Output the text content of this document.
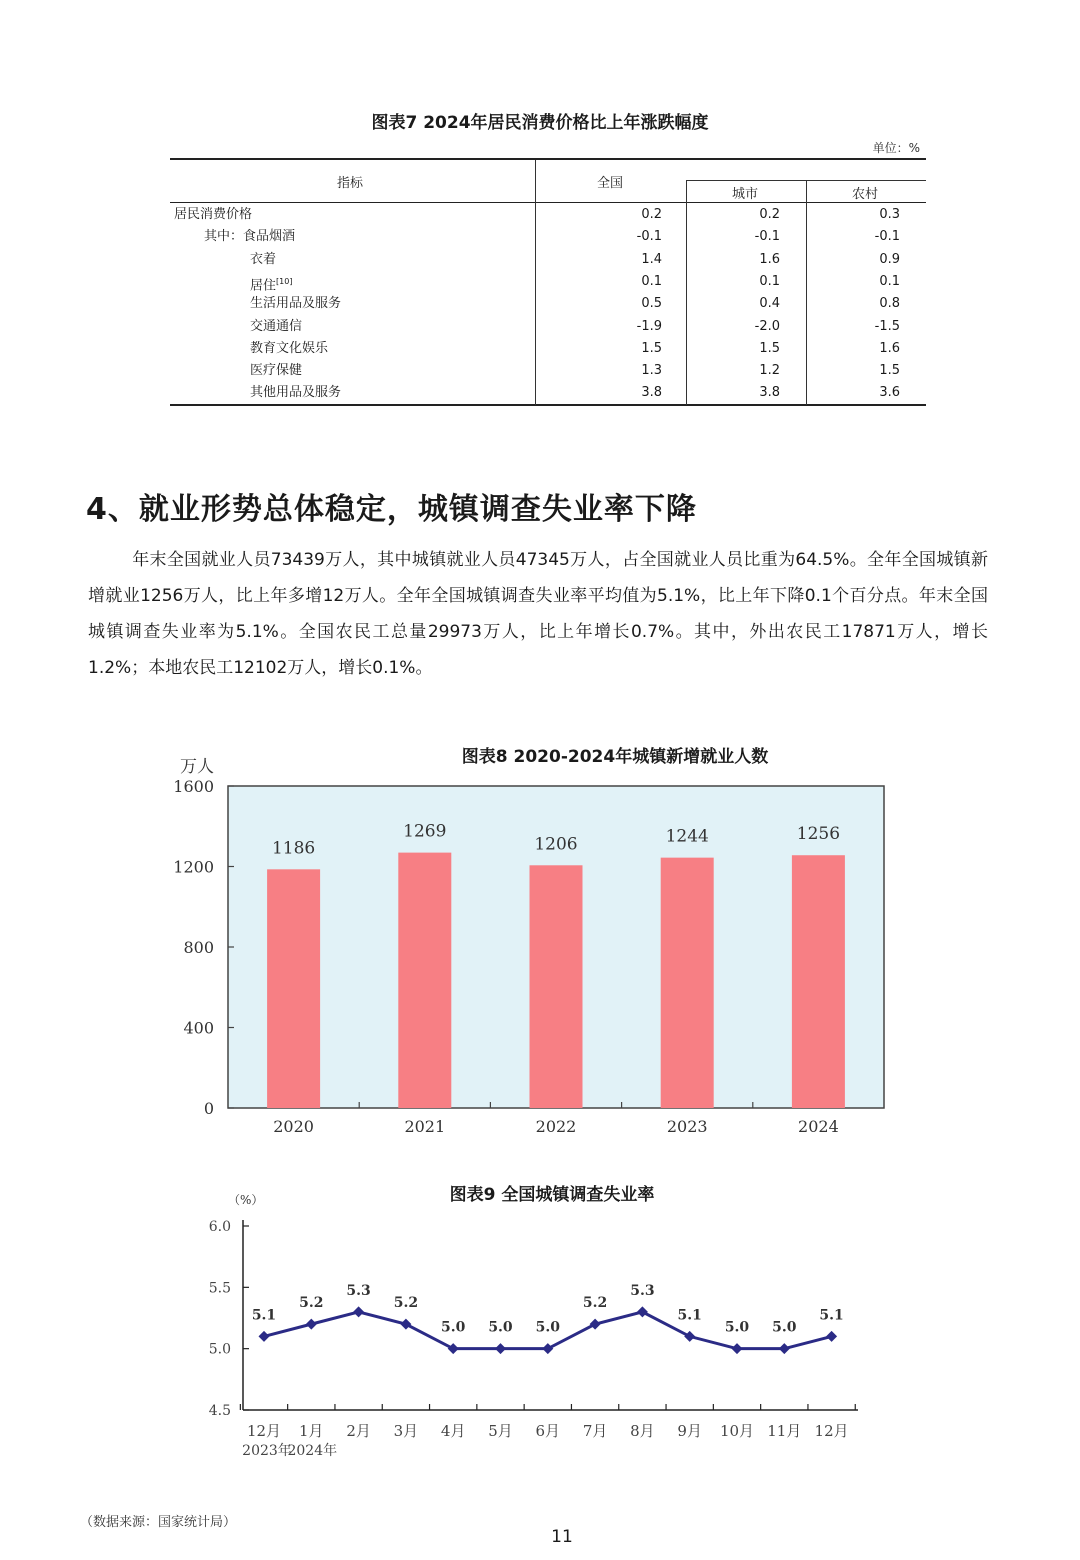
图表7 2024年居民消费价格比上年涨跌幅度
单位：%
指标	全国
城市	农村
居民消费价格	0.2	0.2	0.3
其中：食品烟酒	-0.1	-0.1	-0.1
衣着	1.4	1.6	0.9
居住[10]	0.1	0.1	0.1
生活用品及服务	0.5	0.4	0.8
交通通信	-1.9	-2.0	-1.5
教育文化娱乐	1.5	1.5	1.6
医疗保健	1.3	1.2	1.5
其他用品及服务	3.8	3.8	3.6
4、就业形势总体稳定，城镇调查失业率下降
年末全国就业人员73439万人，其中城镇就业人员47345万人，占全国就业人员比重为64.5%。全年全国城镇新增就业1256万人，比上年多增12万人。全年全国城镇调查失业率平均值为5.1%，比上年下降0.1个百分点。年末全国城镇调查失业率为5.1%。全国农民工总量29973万人，比上年增长0.7%。其中，外出农民工17871万人，增长1.2%；本地农民工12102万人，增长0.1%。
图表8 2020-2024年城镇新增就业人数
万人
0
400
800
1200
1600
1186
2020
1269
2021
1206
2022
1244
2023
1256
2024
图表9 全国城镇调查失业率
（%）
4.5
5.0
5.5
6.0
5.1
12月
5.2
1月
5.3
2月
5.2
3月
5.0
4月
5.0
5月
5.0
6月
5.2
7月
5.3
8月
5.1
9月
5.0
10月
5.0
11月
5.1
12月
2023年
2024年
（数据来源：国家统计局）
11
